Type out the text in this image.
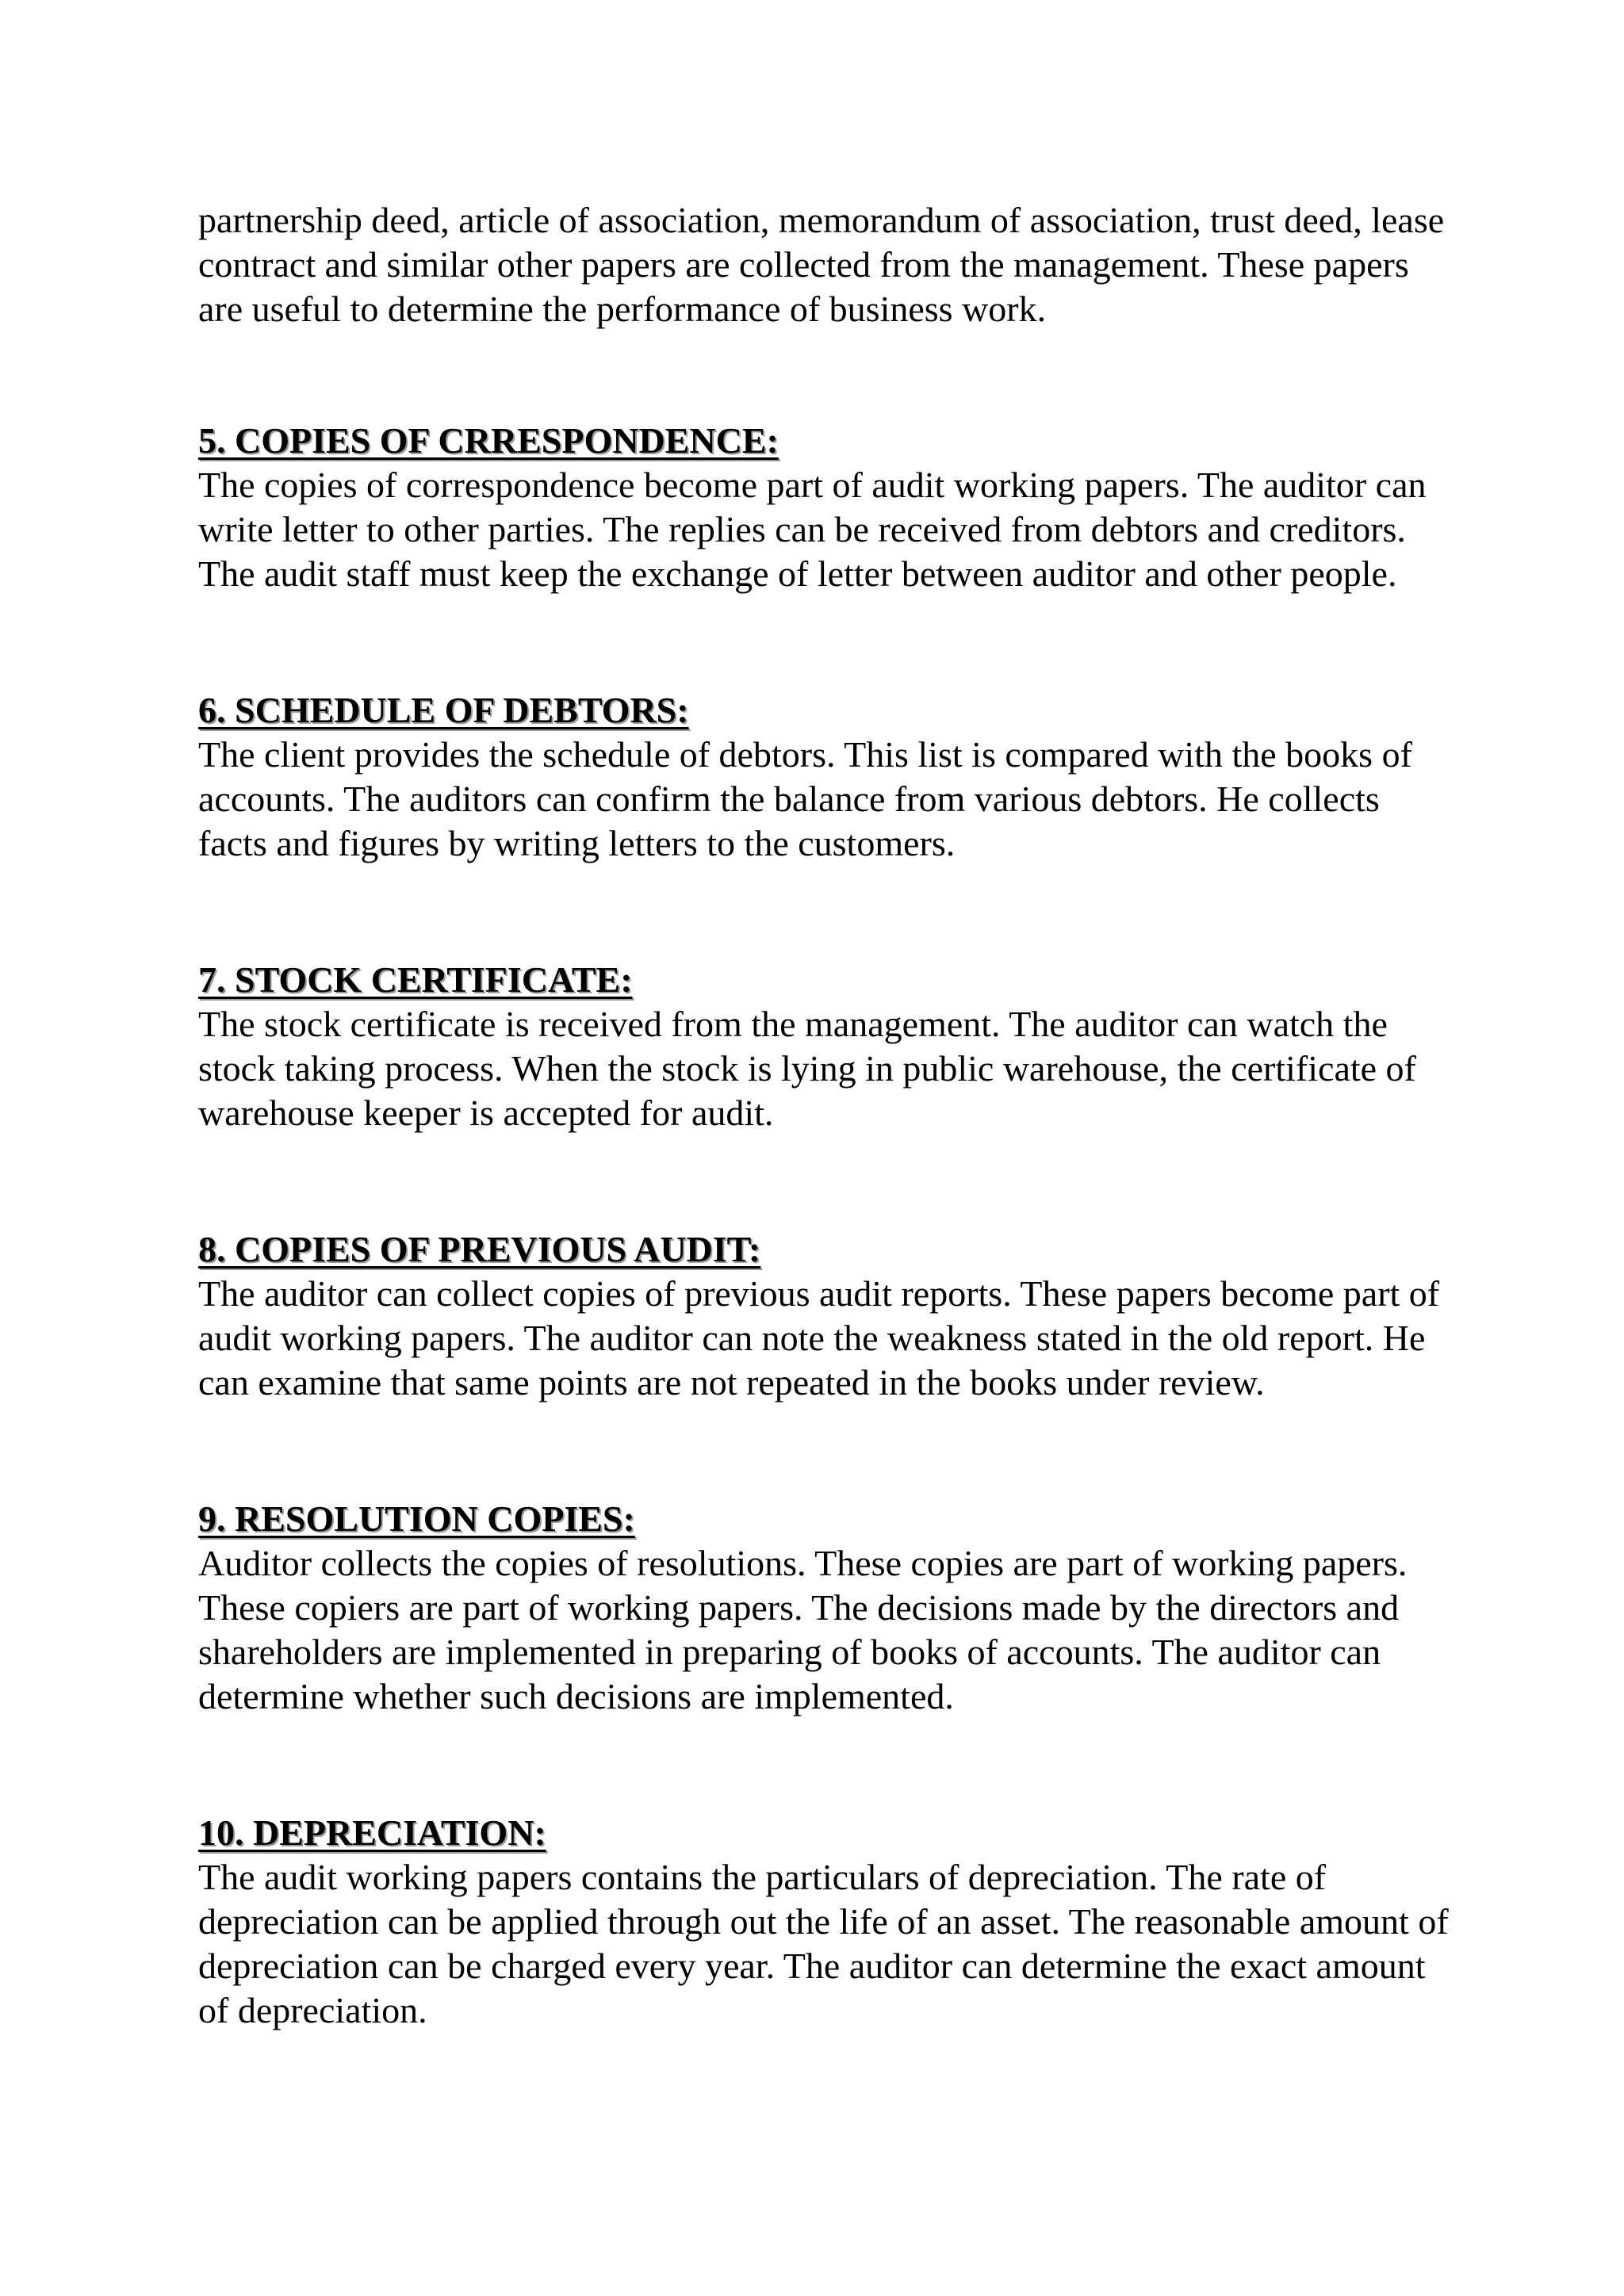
partnership deed, article of association, memorandum of association, trust deed, lease contract and similar other papers are collected from the management. These papers are useful to determine the performance of business work.

5. COPIES OF CRRESPONDENCE:

The copies of correspondence become part of audit working papers. The auditor can write letter to other parties. The replies can be received from debtors and creditors. The audit staff must keep the exchange of letter between auditor and other people.

6. SCHEDULE OF DEBTORS:

The client provides the schedule of debtors. This list is compared with the books of accounts. The auditors can confirm the balance from various debtors. He collects facts and figures by writing letters to the customers.

7. STOCK CERTIFICATE:

The stock certificate is received from the management. The auditor can watch the stock taking process. When the stock is lying in public warehouse, the certificate of warehouse keeper is accepted for audit.

8. COPIES OF PREVIOUS AUDIT:

The auditor can collect copies of previous audit reports. These papers become part of audit working papers. The auditor can note the weakness stated in the old report. He can examine that same points are not repeated in the books under review.

9. RESOLUTION COPIES:

Auditor collects the copies of resolutions. These copies are part of working papers. These copiers are part of working papers. The decisions made by the directors and shareholders are implemented in preparing of books of accounts. The auditor can determine whether such decisions are implemented.

10. DEPRECIATION:

The audit working papers contains the particulars of depreciation. The rate of depreciation can be applied through out the life of an asset. The reasonable amount of depreciation can be charged every year. The auditor can determine the exact amount of depreciation.
